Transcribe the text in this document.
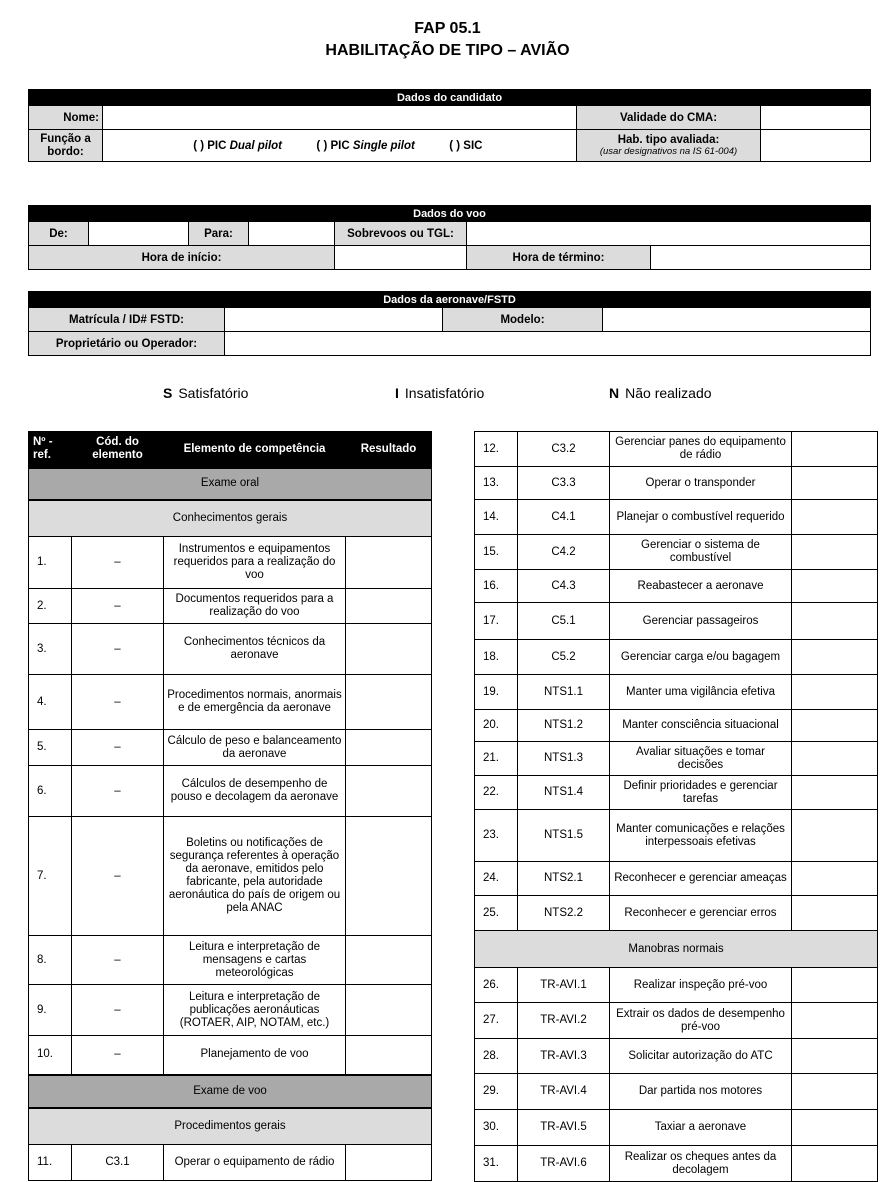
FAP 05.1
HABILITAÇÃO DE TIPO – AVIÃO
Dados do candidato			
Nome:		Validade do CMA:	
Função a bordo:	( ) PIC Dual pilot ( ) PIC Single pilot ( ) SIC	Hab. tipo avaliada:
(usar designativos na IS 61-004)	

Dados do voo						
De:		Para:		Sobrevoos ou TGL:		
Hora de início:					Hora de término:	
Dados da aeronave/FSTD			
Matrícula / ID# FSTD:		Modelo:	
Proprietário ou Operador:			
S Satisfatório	I Insatisfatório	N Não realizado
Nº - ref.	Cód. do elemento	Elemento de competência	Resultado
Exame oral			
Conhecimentos gerais			
1.	–	Instrumentos e equipamentos requeridos para a realização do voo	
2.	–	Documentos requeridos para a realização do voo	
3.	–	Conhecimentos técnicos da aeronave	
4.	–	Procedimentos normais, anormais e de emergência da aeronave	
5.	–	Cálculo de peso e balanceamento da aeronave	
6.	–	Cálculos de desempenho de pouso e decolagem da aeronave	
7.	–	Boletins ou notificações de segurança referentes à operação da aeronave, emitidos pelo fabricante, pela autoridade aeronáutica do país de origem ou pela ANAC	
8.	–	Leitura e interpretação de mensagens e cartas meteorológicas	
9.	–	Leitura e interpretação de publicações aeronáuticas (ROTAER, AIP, NOTAM, etc.)	
10.	–	Planejamento de voo	
Exame de voo			
Procedimentos gerais			
11.	C3.1	Operar o equipamento de rádio	
12.	C3.2	Gerenciar panes do equipamento de rádio	
13.	C3.3	Operar o transponder	
14.	C4.1	Planejar o combustível requerido	
15.	C4.2	Gerenciar o sistema de combustível	
16.	C4.3	Reabastecer a aeronave	
17.	C5.1	Gerenciar passageiros	
18.	C5.2	Gerenciar carga e/ou bagagem	
19.	NTS1.1	Manter uma vigilância efetiva	
20.	NTS1.2	Manter consciência situacional	
21.	NTS1.3	Avaliar situações e tomar decisões	
22.	NTS1.4	Definir prioridades e gerenciar tarefas	
23.	NTS1.5	Manter comunicações e relações interpessoais efetivas	
24.	NTS2.1	Reconhecer e gerenciar ameaças	
25.	NTS2.2	Reconhecer e gerenciar erros	
Manobras normais			
26.	TR-AVI.1	Realizar inspeção pré-voo	
27.	TR-AVI.2	Extrair os dados de desempenho pré-voo	
28.	TR-AVI.3	Solicitar autorização do ATC	
29.	TR-AVI.4	Dar partida nos motores	
30.	TR-AVI.5	Taxiar a aeronave	
31.	TR-AVI.6	Realizar os cheques antes da decolagem	
